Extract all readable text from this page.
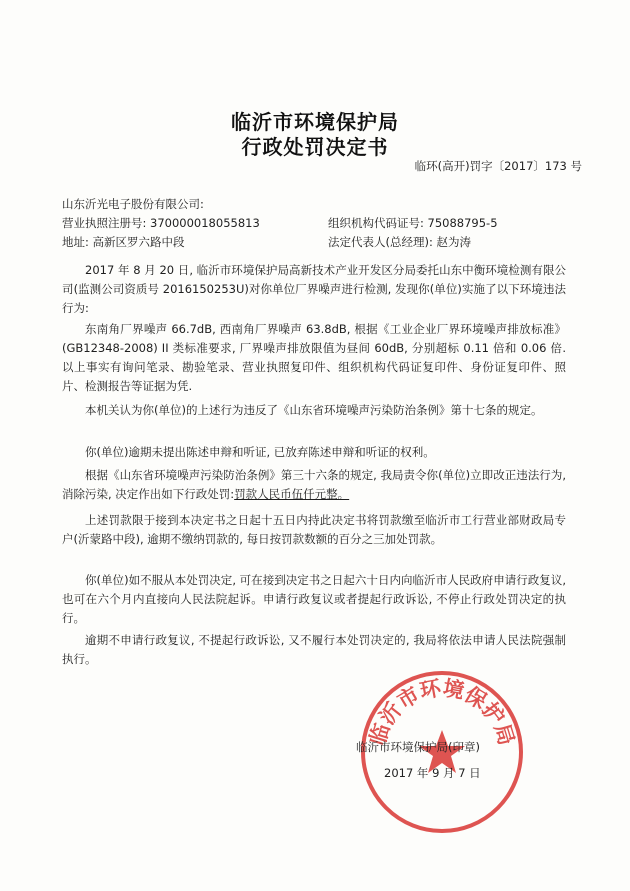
临沂市环境保护局
行政处罚决定书
临环(高开)罚字〔2017〕173 号
山东沂光电子股份有限公司:
营业执照注册号: 370000018055813	组织机构代码证号: 75088795-5
地址: 高新区罗六路中段	法定代表人(总经理): 赵为涛
2017 年 8 月 20 日, 临沂市环境保护局高新技术产业开发区分局委托山东中衡环境检测有限公司(监测公司资质号 2016150253U)对你单位厂界噪声进行检测, 发现你(单位)实施了以下环境违法行为:
东南角厂界噪声 66.7dB, 西南角厂界噪声 63.8dB, 根据《工业企业厂界环境噪声排放标准》(GB12348-2008) II 类标准要求, 厂界噪声排放限值为昼间 60dB, 分别超标 0.11 倍和 0.06 倍. 以上事实有询问笔录、勘验笔录、营业执照复印件、组织机构代码证复印件、身份证复印件、照片、检测报告等证据为凭.
本机关认为你(单位)的上述行为违反了《山东省环境噪声污染防治条例》第十七条的规定。
你(单位)逾期未提出陈述申辩和听证, 已放弃陈述申辩和听证的权利。
根据《山东省环境噪声污染防治条例》第三十六条的规定, 我局责令你(单位)立即改正违法行为, 消除污染, 决定作出如下行政处罚:罚款人民币伍仟元整。
上述罚款限于接到本决定书之日起十五日内持此决定书将罚款缴至临沂市工行营业部财政局专户(沂蒙路中段), 逾期不缴纳罚款的, 每日按罚款数额的百分之三加处罚款。
你(单位)如不服从本处罚决定, 可在接到决定书之日起六十日内向临沂市人民政府申请行政复议, 也可在六个月内直接向人民法院起诉。申请行政复议或者提起行政诉讼, 不停止行政处罚决定的执行。
逾期不申请行政复议, 不提起行政诉讼, 又不履行本处罚决定的, 我局将依法申请人民法院强制执行。
临沂市环境保护局
临沂市环境保护局(印章)
2017 年 9 月 7 日
